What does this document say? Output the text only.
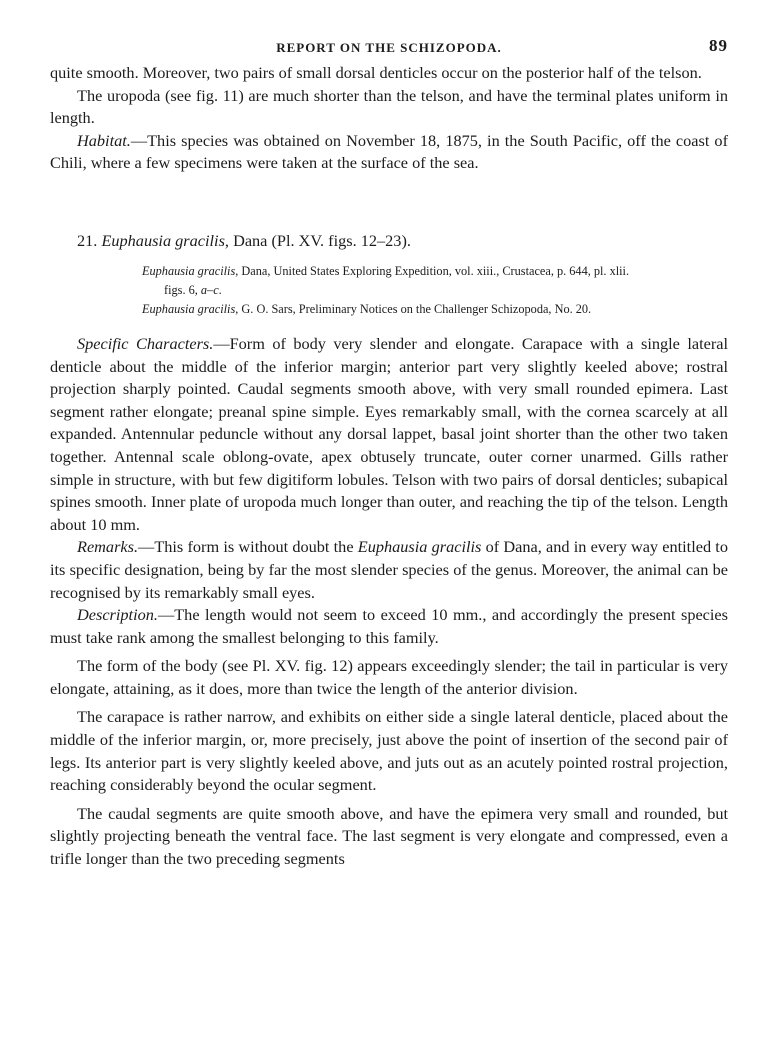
REPORT ON THE SCHIZOPODA.	89

quite smooth. Moreover, two pairs of small dorsal denticles occur on the posterior half of the telson.

The uropoda (see fig. 11) are much shorter than the telson, and have the terminal plates uniform in length.

Habitat.—This species was obtained on November 18, 1875, in the South Pacific, off the coast of Chili, where a few specimens were taken at the surface of the sea.

21. Euphausia gracilis, Dana (Pl. XV. figs. 12–23).
Euphausia gracilis, Dana, United States Exploring Expedition, vol. xiii., Crustacea, p. 644, pl. xlii.
figs. 6, a–c.
Euphausia gracilis, G. O. Sars, Preliminary Notices on the Challenger Schizopoda, No. 20.

Specific Characters.—Form of body very slender and elongate. Carapace with a single lateral denticle about the middle of the inferior margin; anterior part very slightly keeled above; rostral projection sharply pointed. Caudal segments smooth above, with very small rounded epimera. Last segment rather elongate; preanal spine simple. Eyes remarkably small, with the cornea scarcely at all expanded. Antennular peduncle without any dorsal lappet, basal joint shorter than the other two taken together. Antennal scale oblong-ovate, apex obtusely truncate, outer corner unarmed. Gills rather simple in structure, with but few digitiform lobules. Telson with two pairs of dorsal denticles; subapical spines smooth. Inner plate of uropoda much longer than outer, and reaching the tip of the telson. Length about 10 mm.

Remarks.—This form is without doubt the Euphausia gracilis of Dana, and in every way entitled to its specific designation, being by far the most slender species of the genus. Moreover, the animal can be recognised by its remarkably small eyes.

Description.—The length would not seem to exceed 10 mm., and accordingly the present species must take rank among the smallest belonging to this family.

The form of the body (see Pl. XV. fig. 12) appears exceedingly slender; the tail in particular is very elongate, attaining, as it does, more than twice the length of the anterior division.

The carapace is rather narrow, and exhibits on either side a single lateral denticle, placed about the middle of the inferior margin, or, more precisely, just above the point of insertion of the second pair of legs. Its anterior part is very slightly keeled above, and juts out as an acutely pointed rostral projection, reaching considerably beyond the ocular segment.

The caudal segments are quite smooth above, and have the epimera very small and rounded, but slightly projecting beneath the ventral face. The last segment is very elongate and compressed, even a trifle longer than the two preceding segments
